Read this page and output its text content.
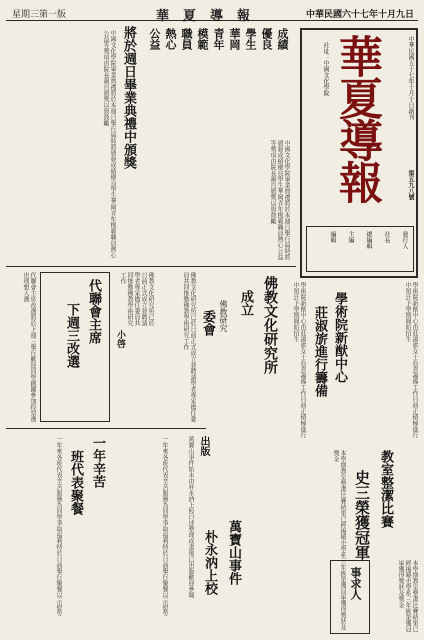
中華民國六十七年十月九日
華夏導報
星期三第一版
華夏導報	中華民國五十七年十月十日創刊
第五九八號
社址：中國文化學院
發行人
社長
總編輯
主編
編輯
將於週日畢業典禮中頒獎	成績
優良
學生
華岡
青年
模範
職員
熱心
公益
中國文化學院畢業典禮將於本週日舉行屆時將頒發成績優良學生華岡青年模範職員熱心公益等獎項由院長親自頒獎以資鼓勵
中國文化學院畢業典禮將於本週日舉行屆時將頒發成績優良學生華岡青年模範職員熱心公益等獎項由院長親自頒獎以資鼓勵
代聯會主席
下週三改選
代聯會主席改選將於下週三舉行歡迎同學踴躍參加投票選出理想人選
小啓
佛教文化研究所已於日前正式成立並聘請學者專家擔任委員共同推動佛教學術研究工作	佛教文化研究所
成立
佛教研究
委會
佛教文化研究所已於日前正式成立並聘請學者專家擔任委員共同推動佛教學術研究工作	學術院新猷中心
莊淑旂進行籌備	學術院新猷中心由莊淑旂女士負責籌備工作目前正積極進行中預計下學期開始招生
學術院新猷中心由莊淑旂女士負責籌備工作目前正積極進行中預計下學期開始招生
一年辛苦
班代表聚餐
一年來各班代表辛苦服務為同學爭取福利特於日前舉行聚餐以示慰勞	一年來各班代表辛苦服務為同學爭取福利特於日前舉行聚餐以示慰勞	出版
萬寶山事件
朴永汭上校
萬寶山事件始末由朴永汭上校口述整理成書現已出版歡迎參閱	教室整潔比賽
史三榮獲冠軍
本學期教室整潔比賽結果已經揭曉史學系三年級榮獲冠軍獲得獎狀及獎金
事求人	本學期教室整潔比賽結果已經揭曉史學系三年級榮獲冠軍獲得獎狀及獎金
